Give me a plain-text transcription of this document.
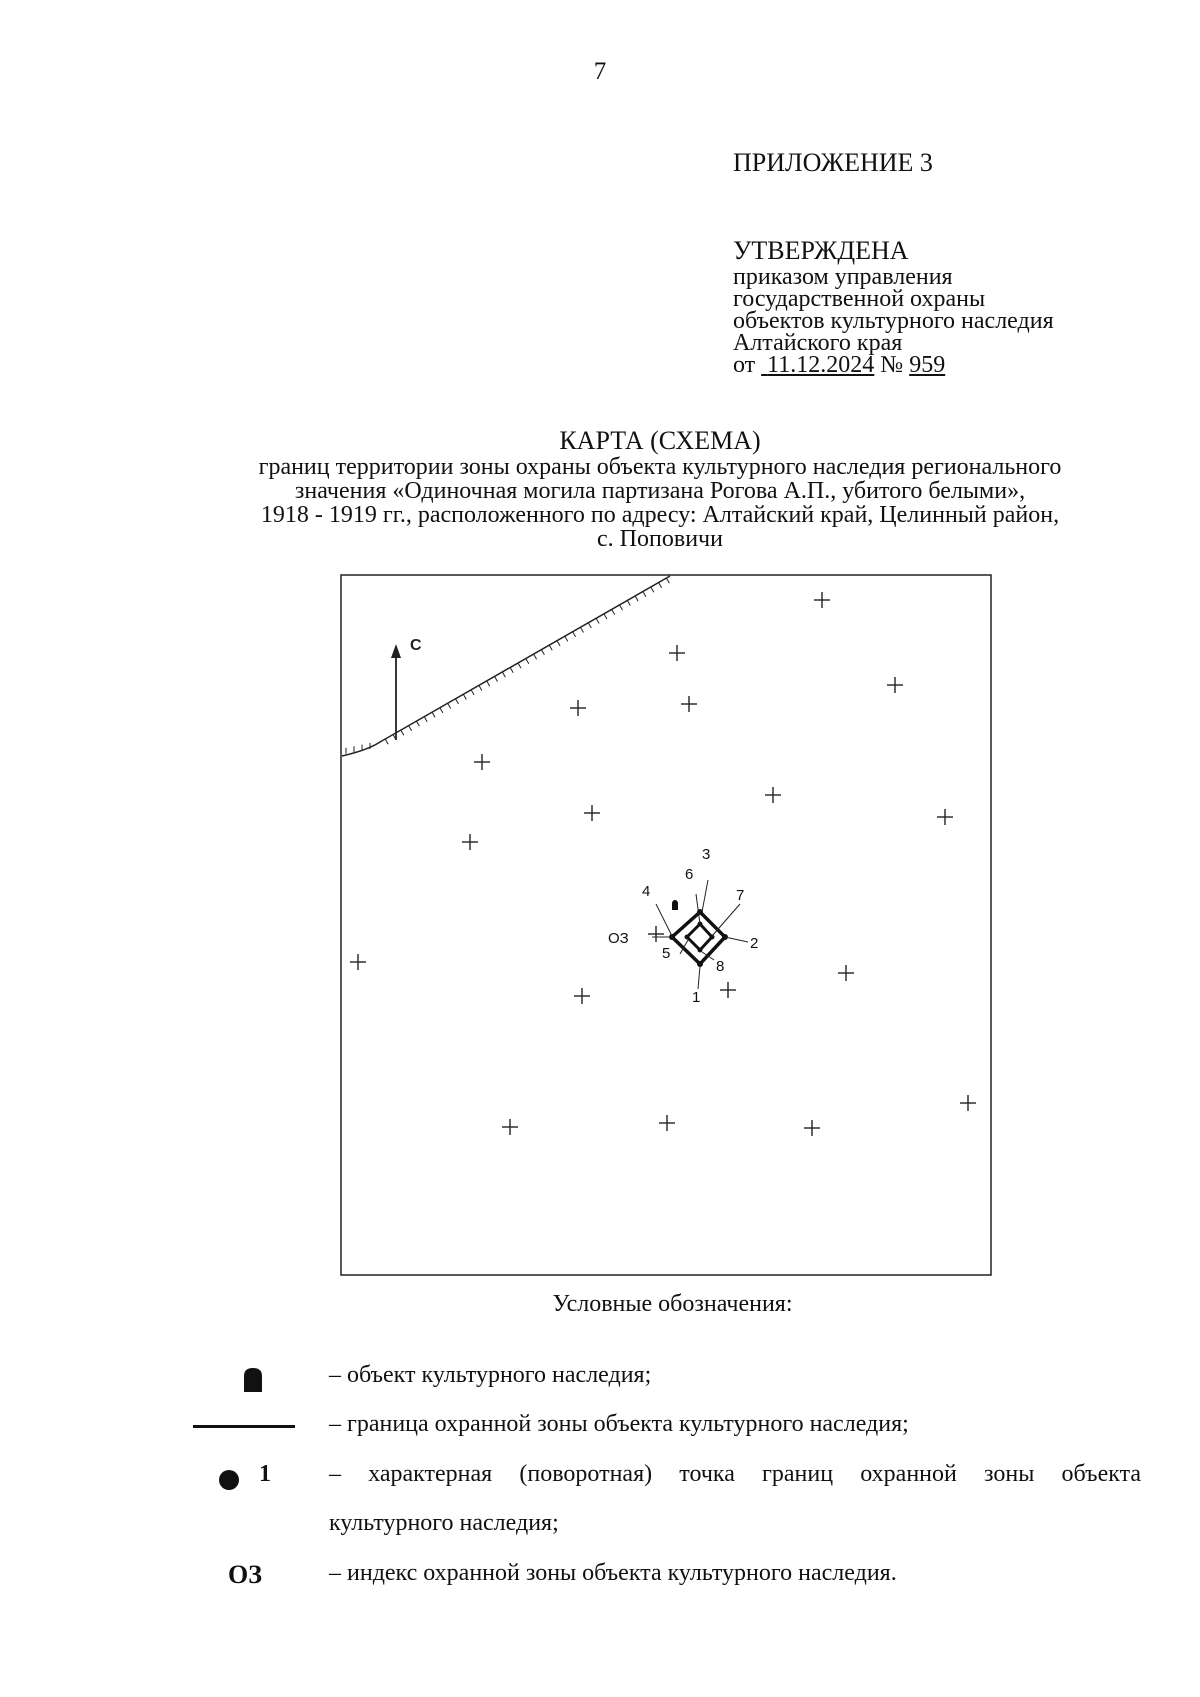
7

ПРИЛОЖЕНИЕ 3

УТВЕРЖДЕНА

приказом управления

государственной охраны

объектов культурного наследия

Алтайского края

от 11.12.2024 № 959

КАРТА (СХЕМА)
границ территории зоны охраны объекта культурного наследия регионального
значения «Одиночная могила партизана Рогова А.П., убитого белыми»,
1918 - 1919 гг., расположенного по адресу: Алтайский край, Целинный район,
с. Поповичи
С
3
6
7
4
2
5
8
1
ОЗ
Условные обозначения:
– объект культурного наследия;
– граница охранной зоны объекта культурного наследия;
1 – характерная (поворотная) точка границ охранной зоны объекта
культурного наследия;
ОЗ	– индекс охранной зоны объекта культурного наследия.
